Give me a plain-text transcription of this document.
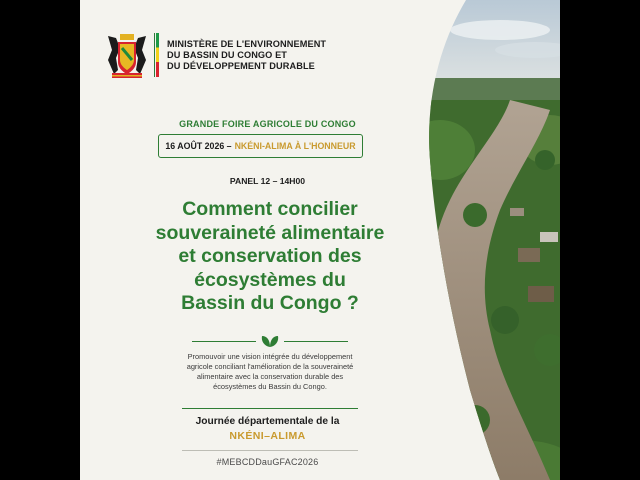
MINISTÈRE DE L'ENVIRONNEMENT
DU BASSIN DU CONGO ET
DU DÉVELOPPEMENT DURABLE
GRANDE FOIRE AGRICOLE DU CONGO
16 AOÛT 2026 – NKÉNI-ALIMA À L'HONNEUR
PANEL 12 – 14H00
Comment concilier
souveraineté alimentaire
et conservation des
écosystèmes du
Bassin du Congo ?
Promouvoir une vision intégrée du développement
agricole conciliant l'amélioration de la souveraineté
alimentaire avec la conservation durable des
écosystèmes du Bassin du Congo.
Journée départementale de la
NKÉNI–ALIMA
#MEBCDDauGFAC2026
